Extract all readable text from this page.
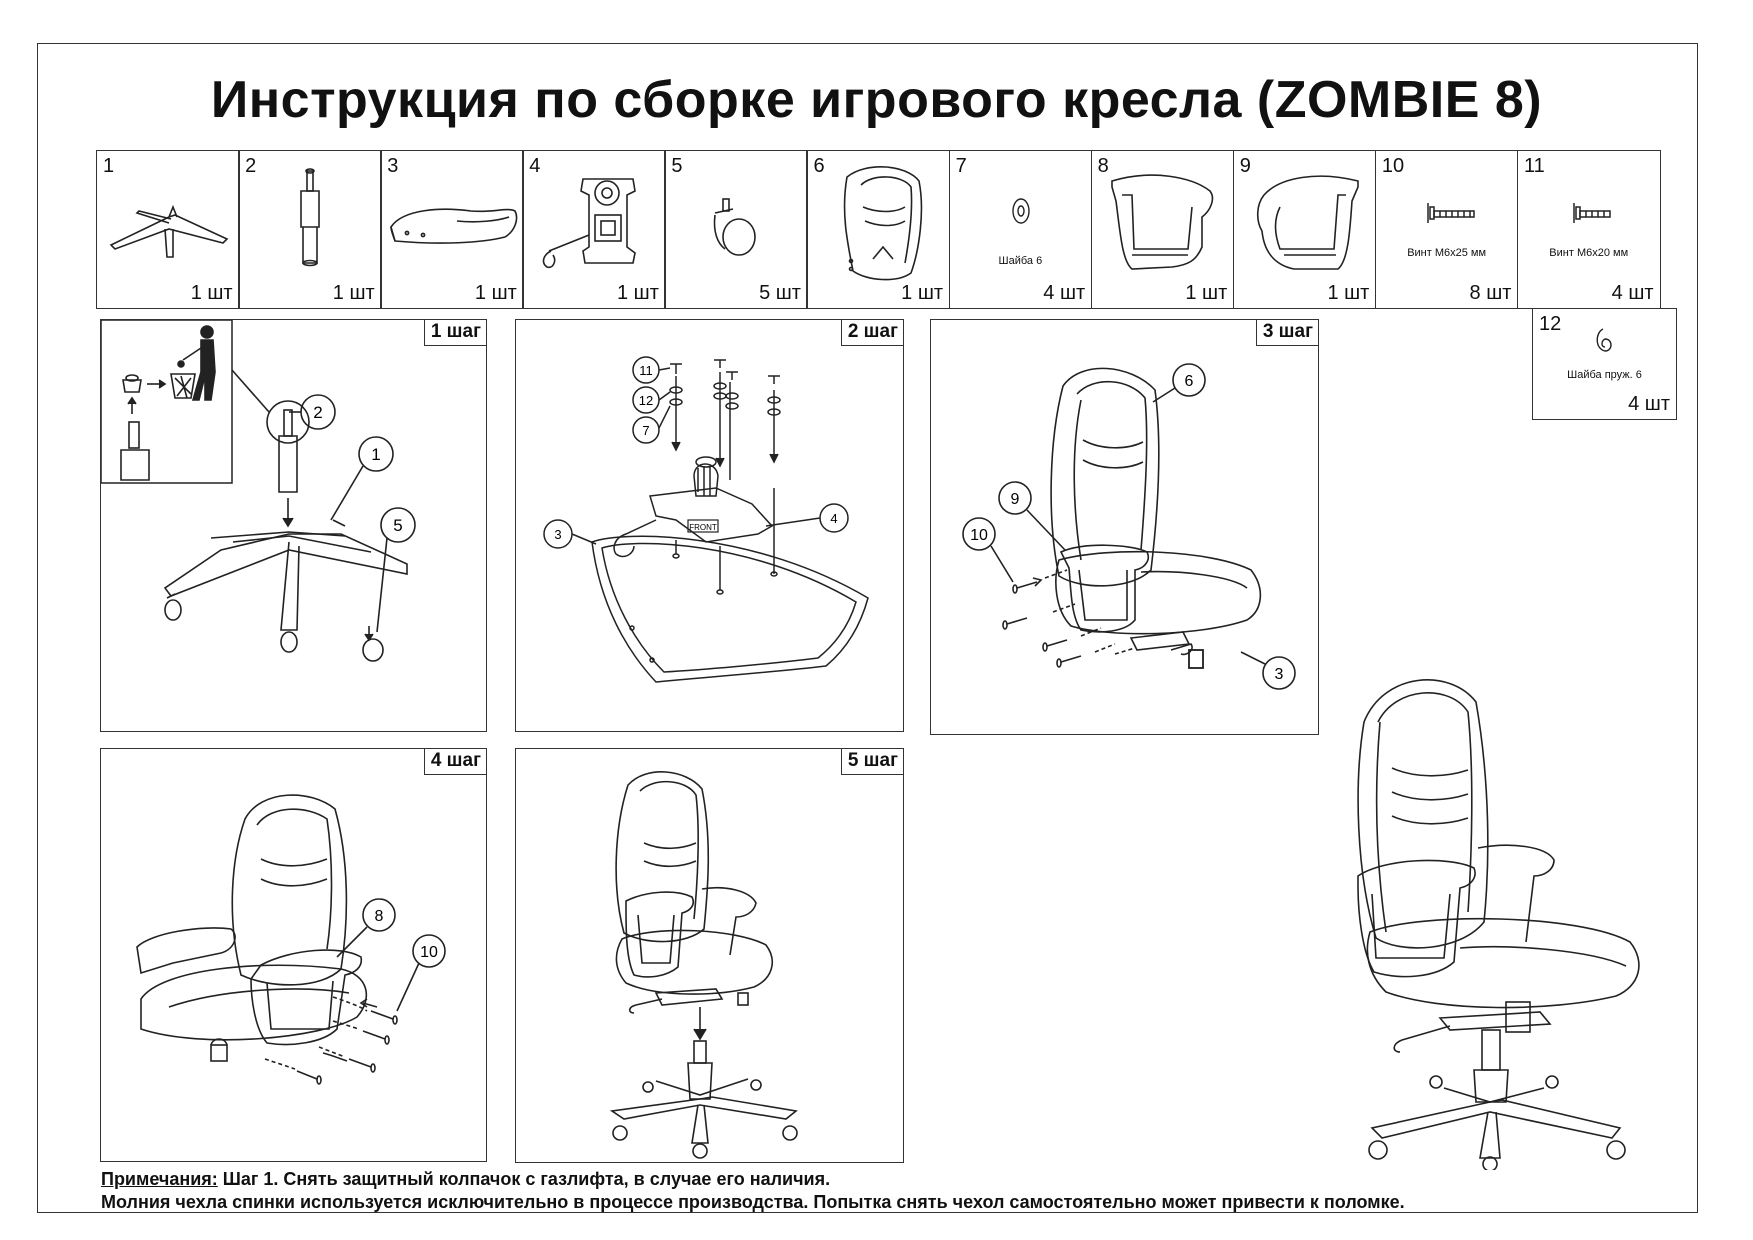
Инструкция по сборке игрового кресла (ZOMBIE 8)
1
1 шт
2
1 шт
3
1 шт
4
1 шт
5
5 шт
6
1 шт
7
Шайба 6
4 шт
8
1 шт
9
1 шт
10
Винт М6х25 мм
8 шт
11
Винт М6х20 мм
4 шт
12
Шайба пруж. 6
4 шт
1 шаг
2
1
5
2 шаг
11
12
7
3
4
FRONT
3 шаг
6
9
10
3
4 шаг
8
10
5 шаг
Примечания: Шаг 1. Снять защитный колпачок с газлифта, в случае его наличия.
Молния чехла спинки используется исключительно в процессе производства. Попытка снять чехол самостоятельно может привести к поломке.
